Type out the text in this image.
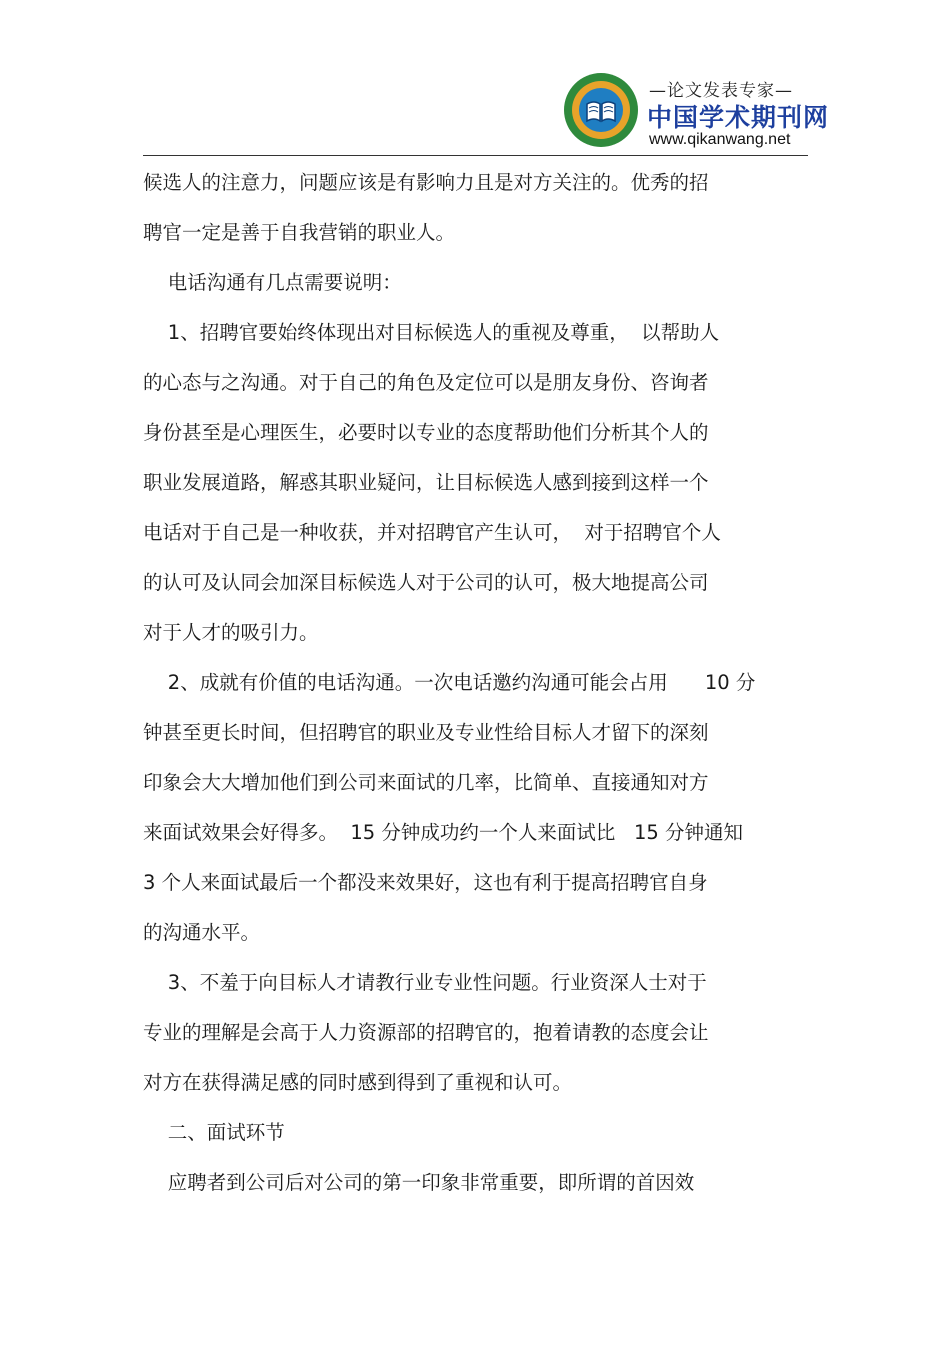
—论文发表专家—
中国学术期刊网
www.qikanwang.net
候选人的注意力，问题应该是有影响力且是对方关注的。优秀的招
聘官一定是善于自我营销的职业人。
电话沟通有几点需要说明：
1、招聘官要始终体现出对目标候选人的重视及尊重，  以帮助人
的心态与之沟通。对于自己的角色及定位可以是朋友身份、咨询者
身份甚至是心理医生，必要时以专业的态度帮助他们分析其个人的
职业发展道路，解惑其职业疑问，让目标候选人感到接到这样一个
电话对于自己是一种收获，并对招聘官产生认可，  对于招聘官个人
的认可及认同会加深目标候选人对于公司的认可，极大地提高公司
对于人才的吸引力。
2、成就有价值的电话沟通。一次电话邀约沟通可能会占用      10 分
钟甚至更长时间，但招聘官的职业及专业性给目标人才留下的深刻
印象会大大增加他们到公司来面试的几率，比简单、直接通知对方
来面试效果会好得多。  15 分钟成功约一个人来面试比   15 分钟通知
3 个人来面试最后一个都没来效果好，这也有利于提高招聘官自身
的沟通水平。
3、不羞于向目标人才请教行业专业性问题。行业资深人士对于
专业的理解是会高于人力资源部的招聘官的，抱着请教的态度会让
对方在获得满足感的同时感到得到了重视和认可。
二、面试环节
应聘者到公司后对公司的第一印象非常重要，即所谓的首因效
